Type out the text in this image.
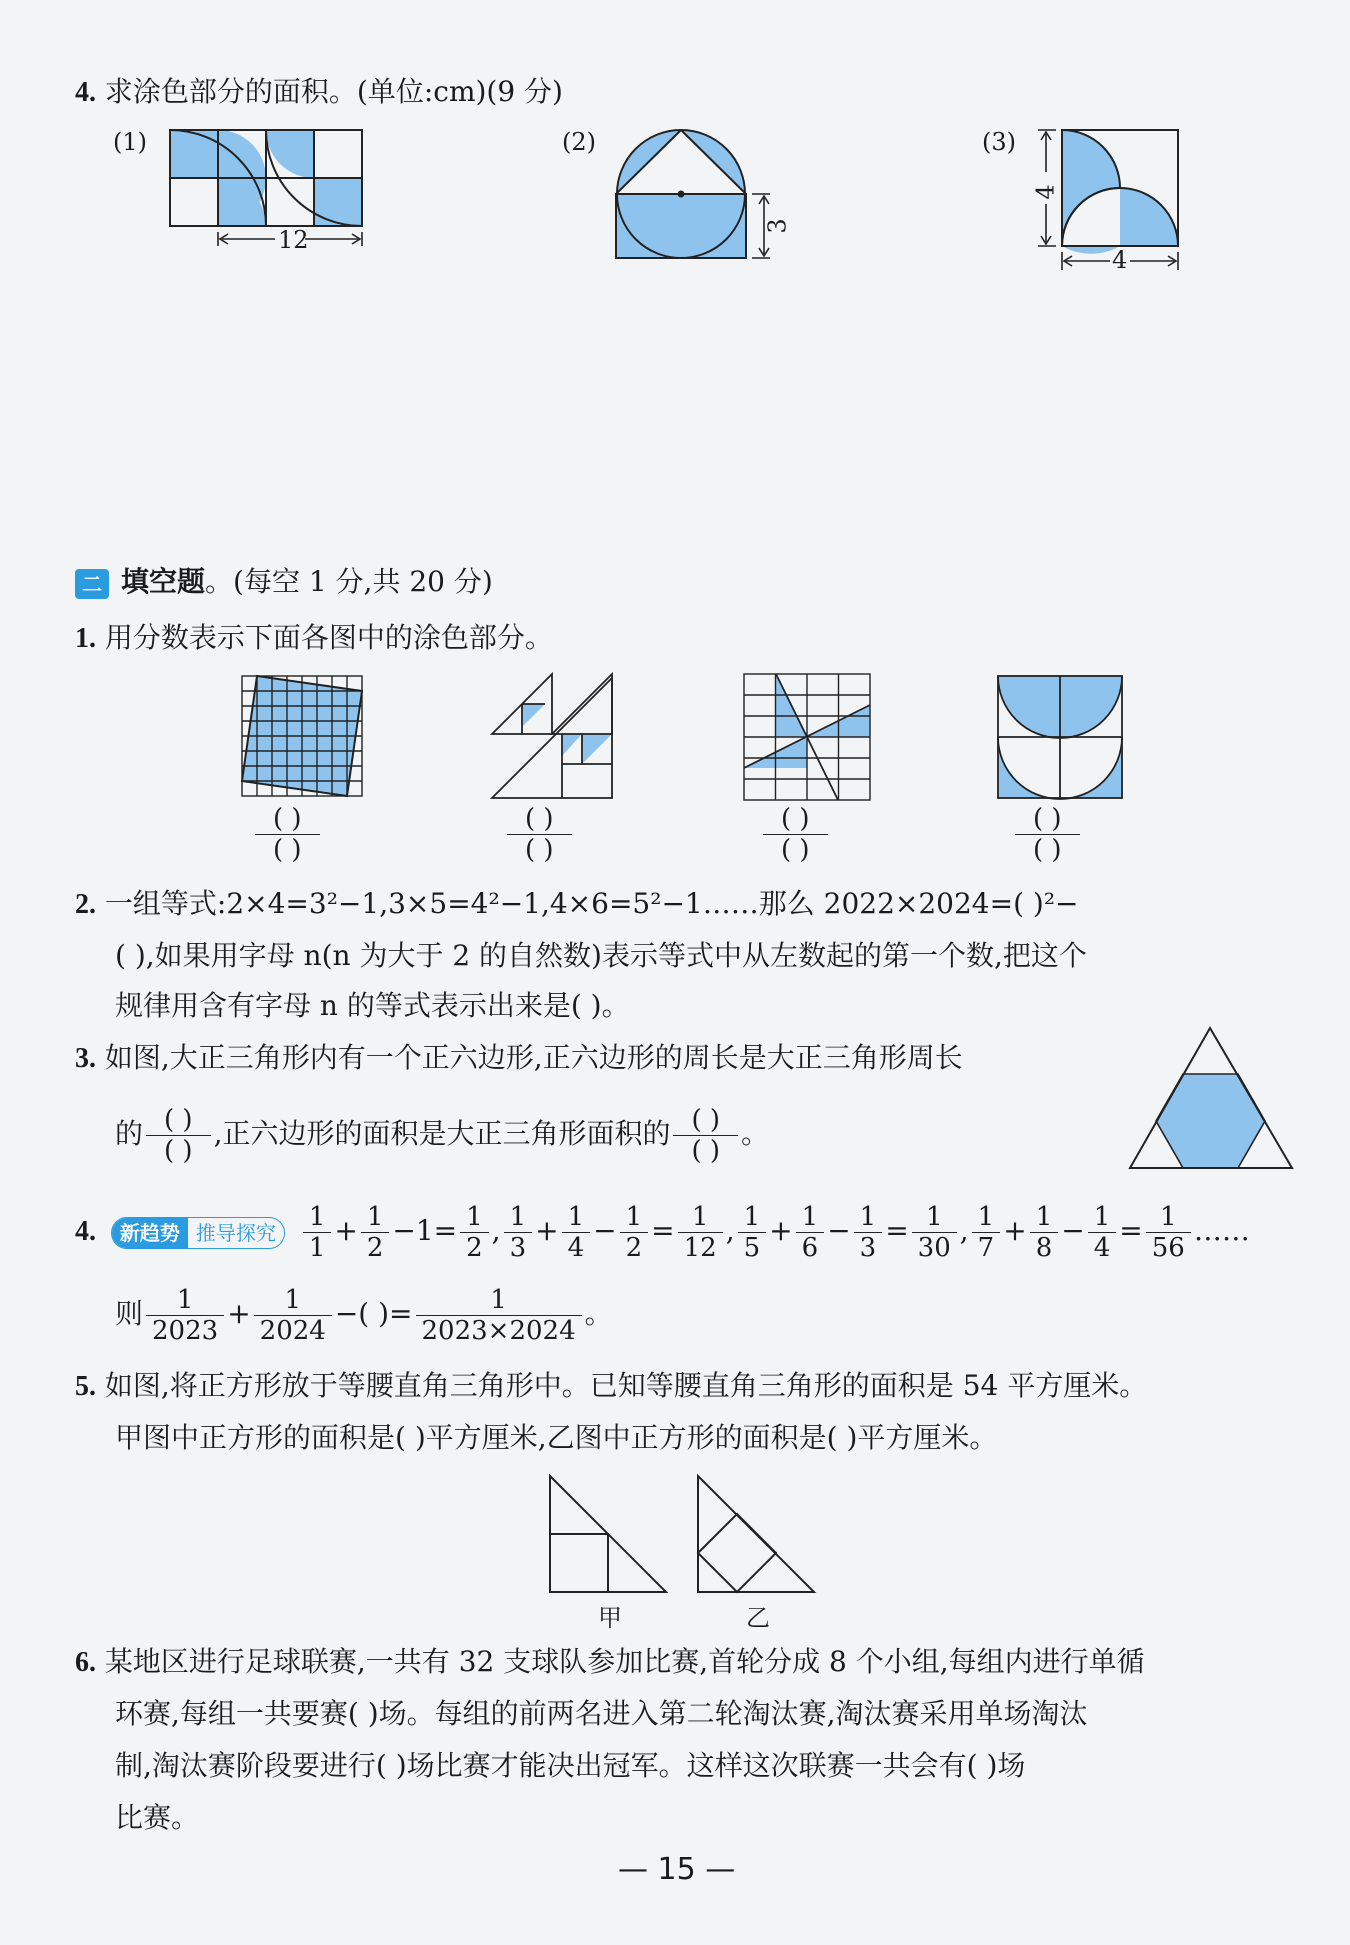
4. 求涂色部分的面积。(单位:cm)(9 分)
(1)
12
(2)
3
(3)
4
4
二 填空题。(每空 1 分,共 20 分)
1. 用分数表示下面各图中的涂色部分。
( )
( )
( )
( )
( )
( )
( )
( )
2. 一组等式:2×4=3²−1,3×5=4²−1,4×6=5²−1……那么 2022×2024=( )²−
( ),如果用字母 n(n 为大于 2 的自然数)表示等式中从左数起的第一个数,把这个
规律用含有字母 n 的等式表示出来是( )。
3. 如图,大正三角形内有一个正六边形,正六边形的周长是大正三角形周长
的 $\frac{( )}{( )}$ ,正六边形的面积是大正三角形面积的 $\frac{( )}{( )}$ 。
4. 新趋势 推导探究 $\frac{1}{1} + \frac{1}{2} -1= \frac{1}{2}$ , $\frac{1}{3} + \frac{1}{4} - \frac{1}{2} = \frac{1}{12}$ , $\frac{1}{5} + \frac{1}{6} - \frac{1}{3} = \frac{1}{30}$ , $\frac{1}{7} + \frac{1}{8} - \frac{1}{4} = \frac{1}{56}$ ……
则 $\frac{1}{2023} + \frac{1}{2024}$ −( )= $\frac{1}{2023\times 2024}$ 。
5. 如图,将正方形放于等腰直角三角形中。已知等腰直角三角形的面积是 54 平方厘米。
甲图中正方形的面积是( )平方厘米,乙图中正方形的面积是( )平方厘米。
甲	乙
6. 某地区进行足球联赛,一共有 32 支球队参加比赛,首轮分成 8 个小组,每组内进行单循
环赛,每组一共要赛( )场。每组的前两名进入第二轮淘汰赛,淘汰赛采用单场淘汰
制,淘汰赛阶段要进行( )场比赛才能决出冠军。这样这次联赛一共会有( )场
比赛。
— 15 —
